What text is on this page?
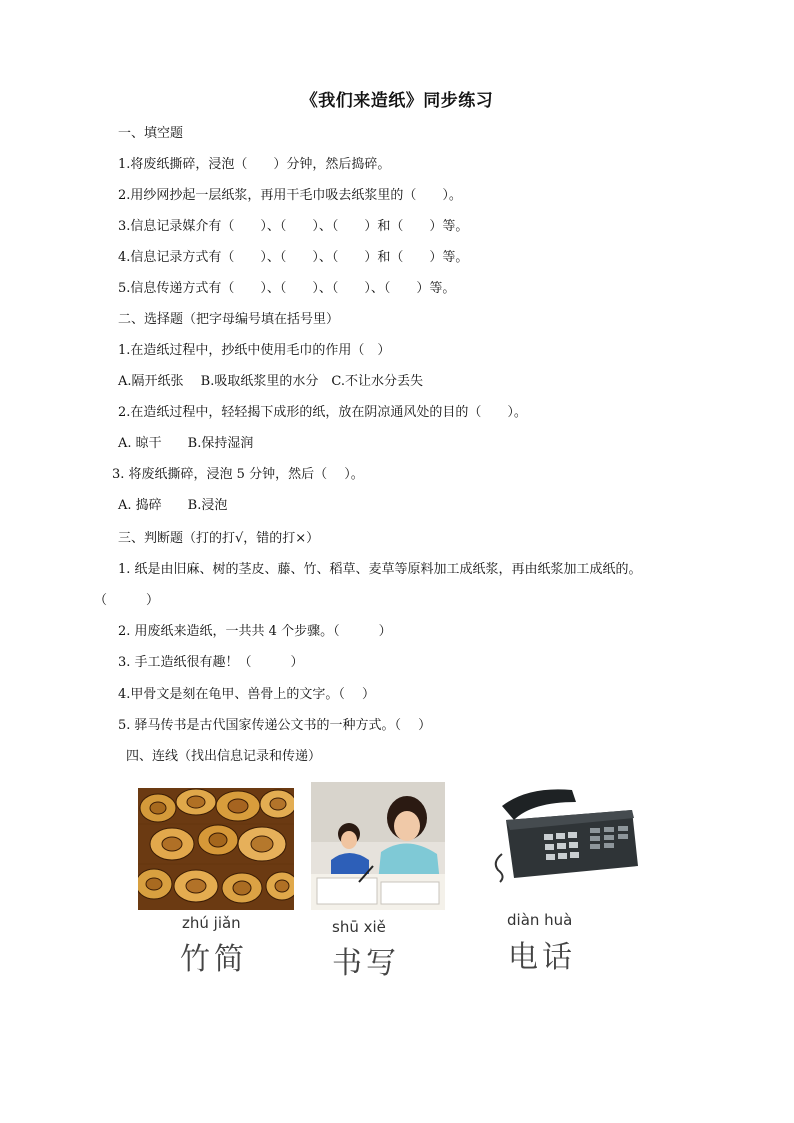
《我们来造纸》同步练习
一、填空题
1.将废纸撕碎，浸泡（　　）分钟，然后捣碎。
2.用纱网抄起一层纸浆，再用干毛巾吸去纸浆里的（　　）。
3.信息记录媒介有（　　）、（　　）、（　　）和（　　）等。
4.信息记录方式有（　　）、（　　）、（　　）和（　　）等。
5.信息传递方式有（　　）、（　　）、（　　）、（　　）等。
二、选择题（把字母编号填在括号里）
1.在造纸过程中，抄纸中使用毛巾的作用（　）
A.隔开纸张　 B.吸取纸浆里的水分　C.不让水分丢失
2.在造纸过程中，轻轻揭下成形的纸，放在阴凉通风处的目的（　　）。
A. 晾干　　B.保持湿润
3. 将废纸撕碎，浸泡 5 分钟，然后（　 ）。
A. 捣碎　　B.浸泡
三、判断题（打的打√，错的打×）
1. 纸是由旧麻、树的茎皮、藤、竹、稻草、麦草等原料加工成纸浆，再由纸浆加工成纸的。
（　　　）
2. 用废纸来造纸，一共共 4 个步骤。（　　　）
3. 手工造纸很有趣！（　　　）
4.甲骨文是刻在龟甲、兽骨上的文字。（　 ）
5. 驿马传书是古代国家传递公文书的一种方式。（　 ）
四、连线（找出信息记录和传递）
zhú jiǎn
竹简
shū xiě
书写
diàn huà
电话
